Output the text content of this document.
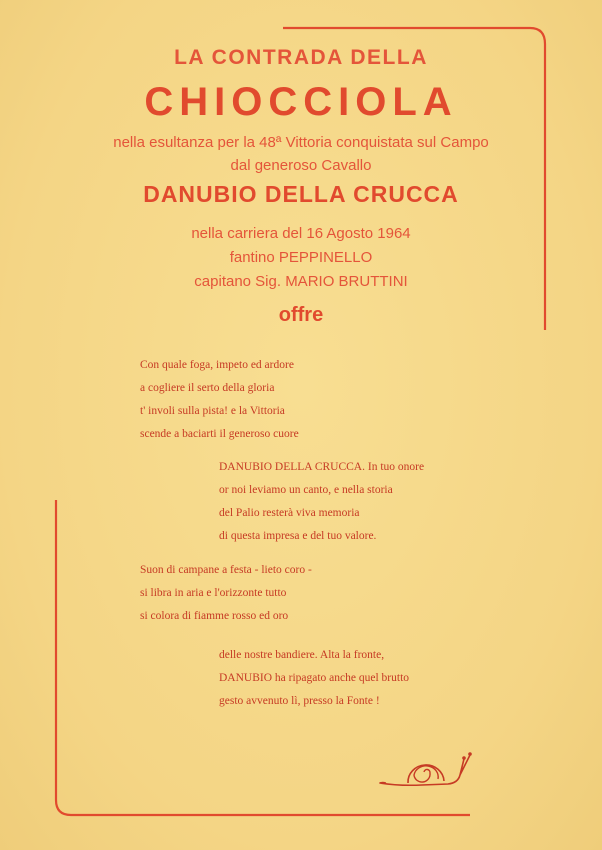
LA CONTRADA DELLA
CHIOCCIOLA
nella esultanza per la 48ª Vittoria conquistata sul Campo
dal generoso Cavallo
DANUBIO DELLA CRUCCA
nella carriera del 16 Agosto 1964
fantino PEPPINELLO
capitano Sig. MARIO BRUTTINI
offre
Con quale foga, impeto ed ardore
a cogliere il serto della gloria
t' involi sulla pista! e la Vittoria
scende a baciarti il generoso cuore
DANUBIO DELLA CRUCCA. In tuo onore
or noi leviamo un canto, e nella storia
del Palio resterà viva memoria
di questa impresa e del tuo valore.
Suon di campane a festa - lieto coro -
si libra in aria e l'orizzonte tutto
si colora di fiamme rosso ed oro
delle nostre bandiere. Alta la fronte,
DANUBIO ha ripagato anche quel brutto
gesto avvenuto lì, presso la Fonte !
